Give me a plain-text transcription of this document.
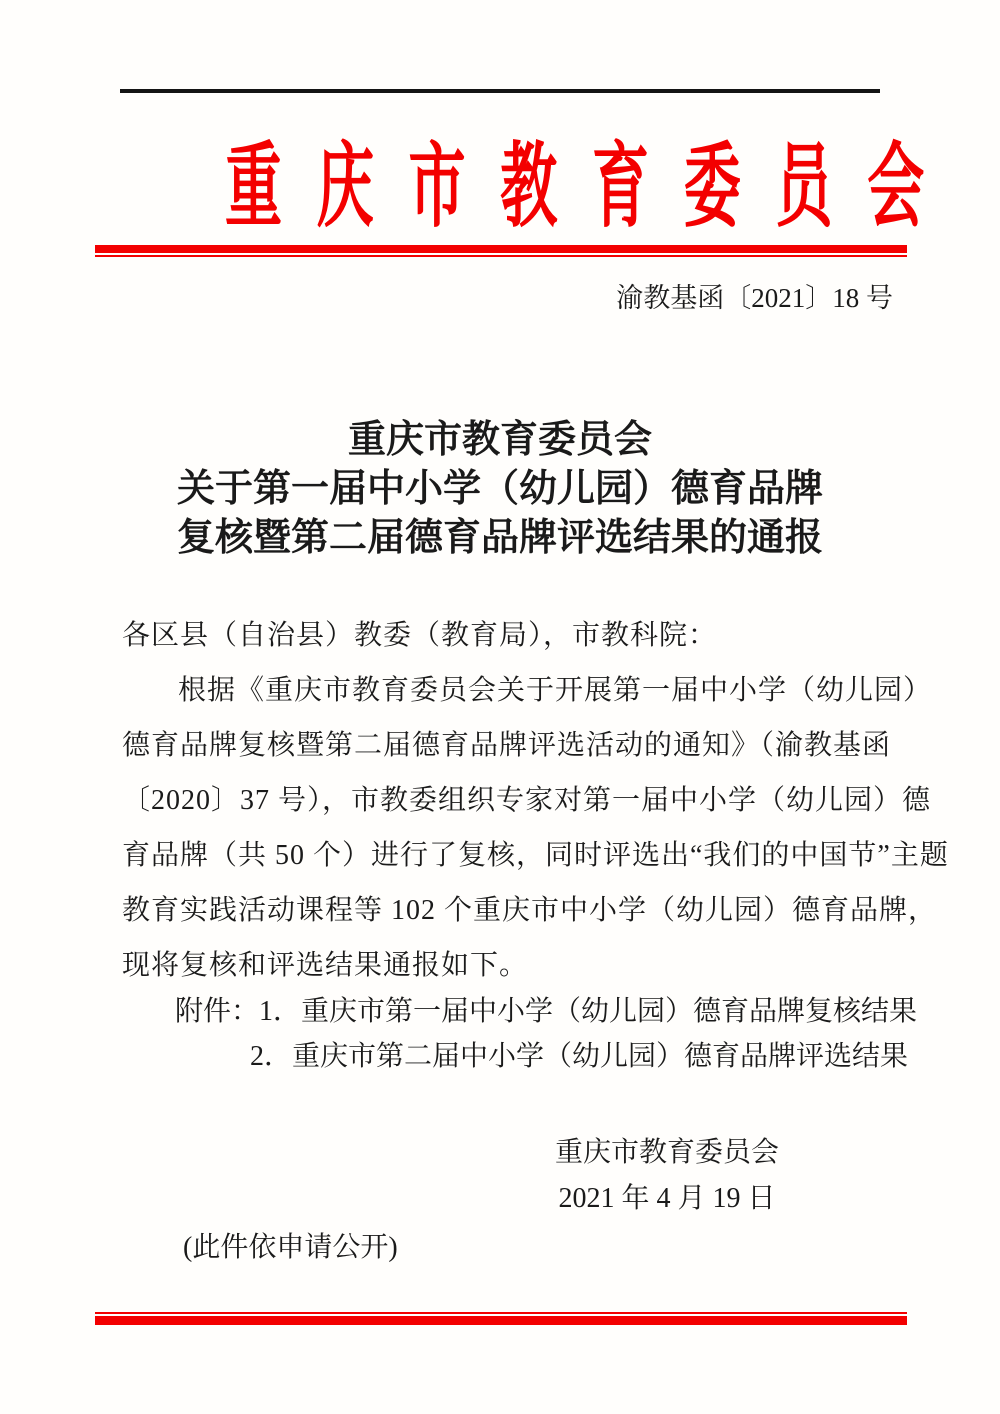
重庆市教育委员会
渝教基函〔2021〕18 号
重庆市教育委员会
关于第一届中小学（幼儿园）德育品牌
复核暨第二届德育品牌评选结果的通报
各区县（自治县）教委（教育局），市教科院：
根据《重庆市教育委员会关于开展第一届中小学（幼儿园）
德育品牌复核暨第二届德育品牌评选活动的通知》（渝教基函
〔2020〕37 号），市教委组织专家对第一届中小学（幼儿园）德
育品牌（共 50 个）进行了复核，同时评选出“我们的中国节”主题
教育实践活动课程等 102 个重庆市中小学（幼儿园）德育品牌，
现将复核和评选结果通报如下。
附件：1．重庆市第一届中小学（幼儿园）德育品牌复核结果
2．重庆市第二届中小学（幼儿园）德育品牌评选结果
重庆市教育委员会
2021 年 4 月 19 日
(此件依申请公开)
